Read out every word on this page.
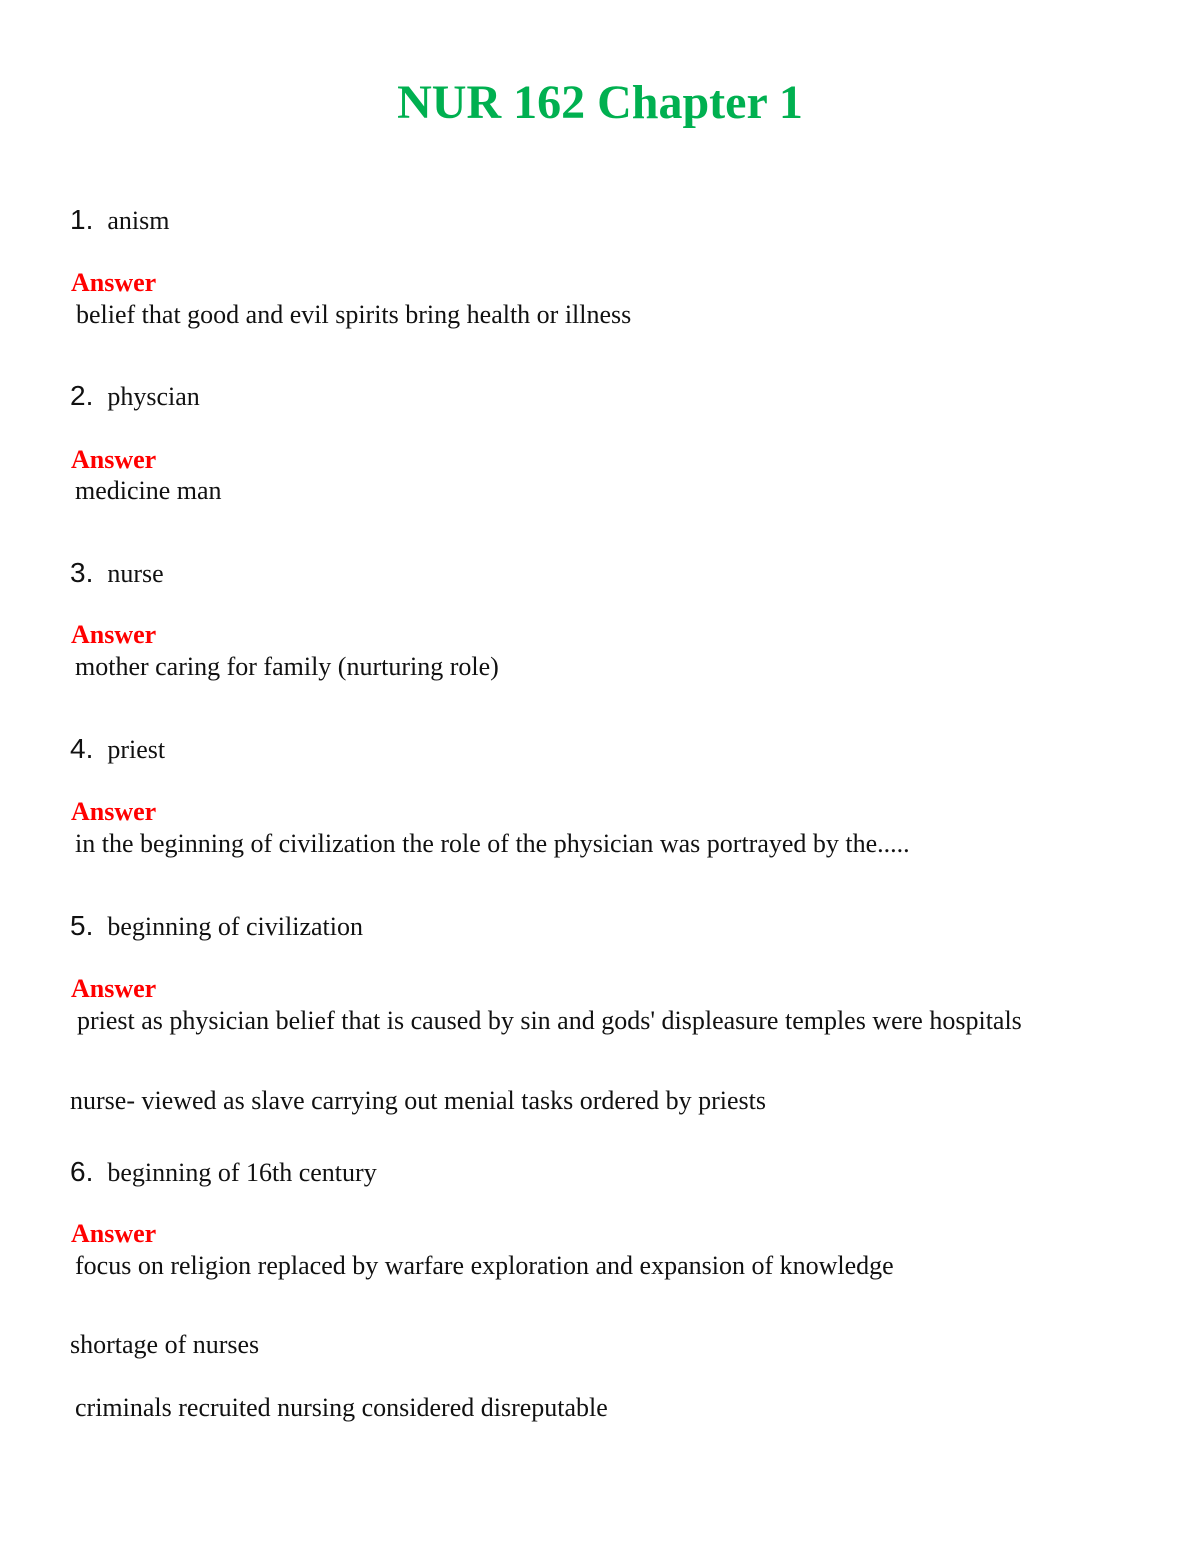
NUR 162 Chapter 1
1. anism
Answer
belief that good and evil spirits bring health or illness
2. physcian
Answer
medicine man
3. nurse
Answer
mother caring for family (nurturing role)
4. priest
Answer
in the beginning of civilization the role of the physician was portrayed by the.....
5. beginning of civilization
Answer
priest as physician belief that is caused by sin and gods' displeasure temples were hospitals
nurse- viewed as slave carrying out menial tasks ordered by priests
6. beginning of 16th century
Answer
focus on religion replaced by warfare exploration and expansion of knowledge
shortage of nurses
criminals recruited nursing considered disreputable
